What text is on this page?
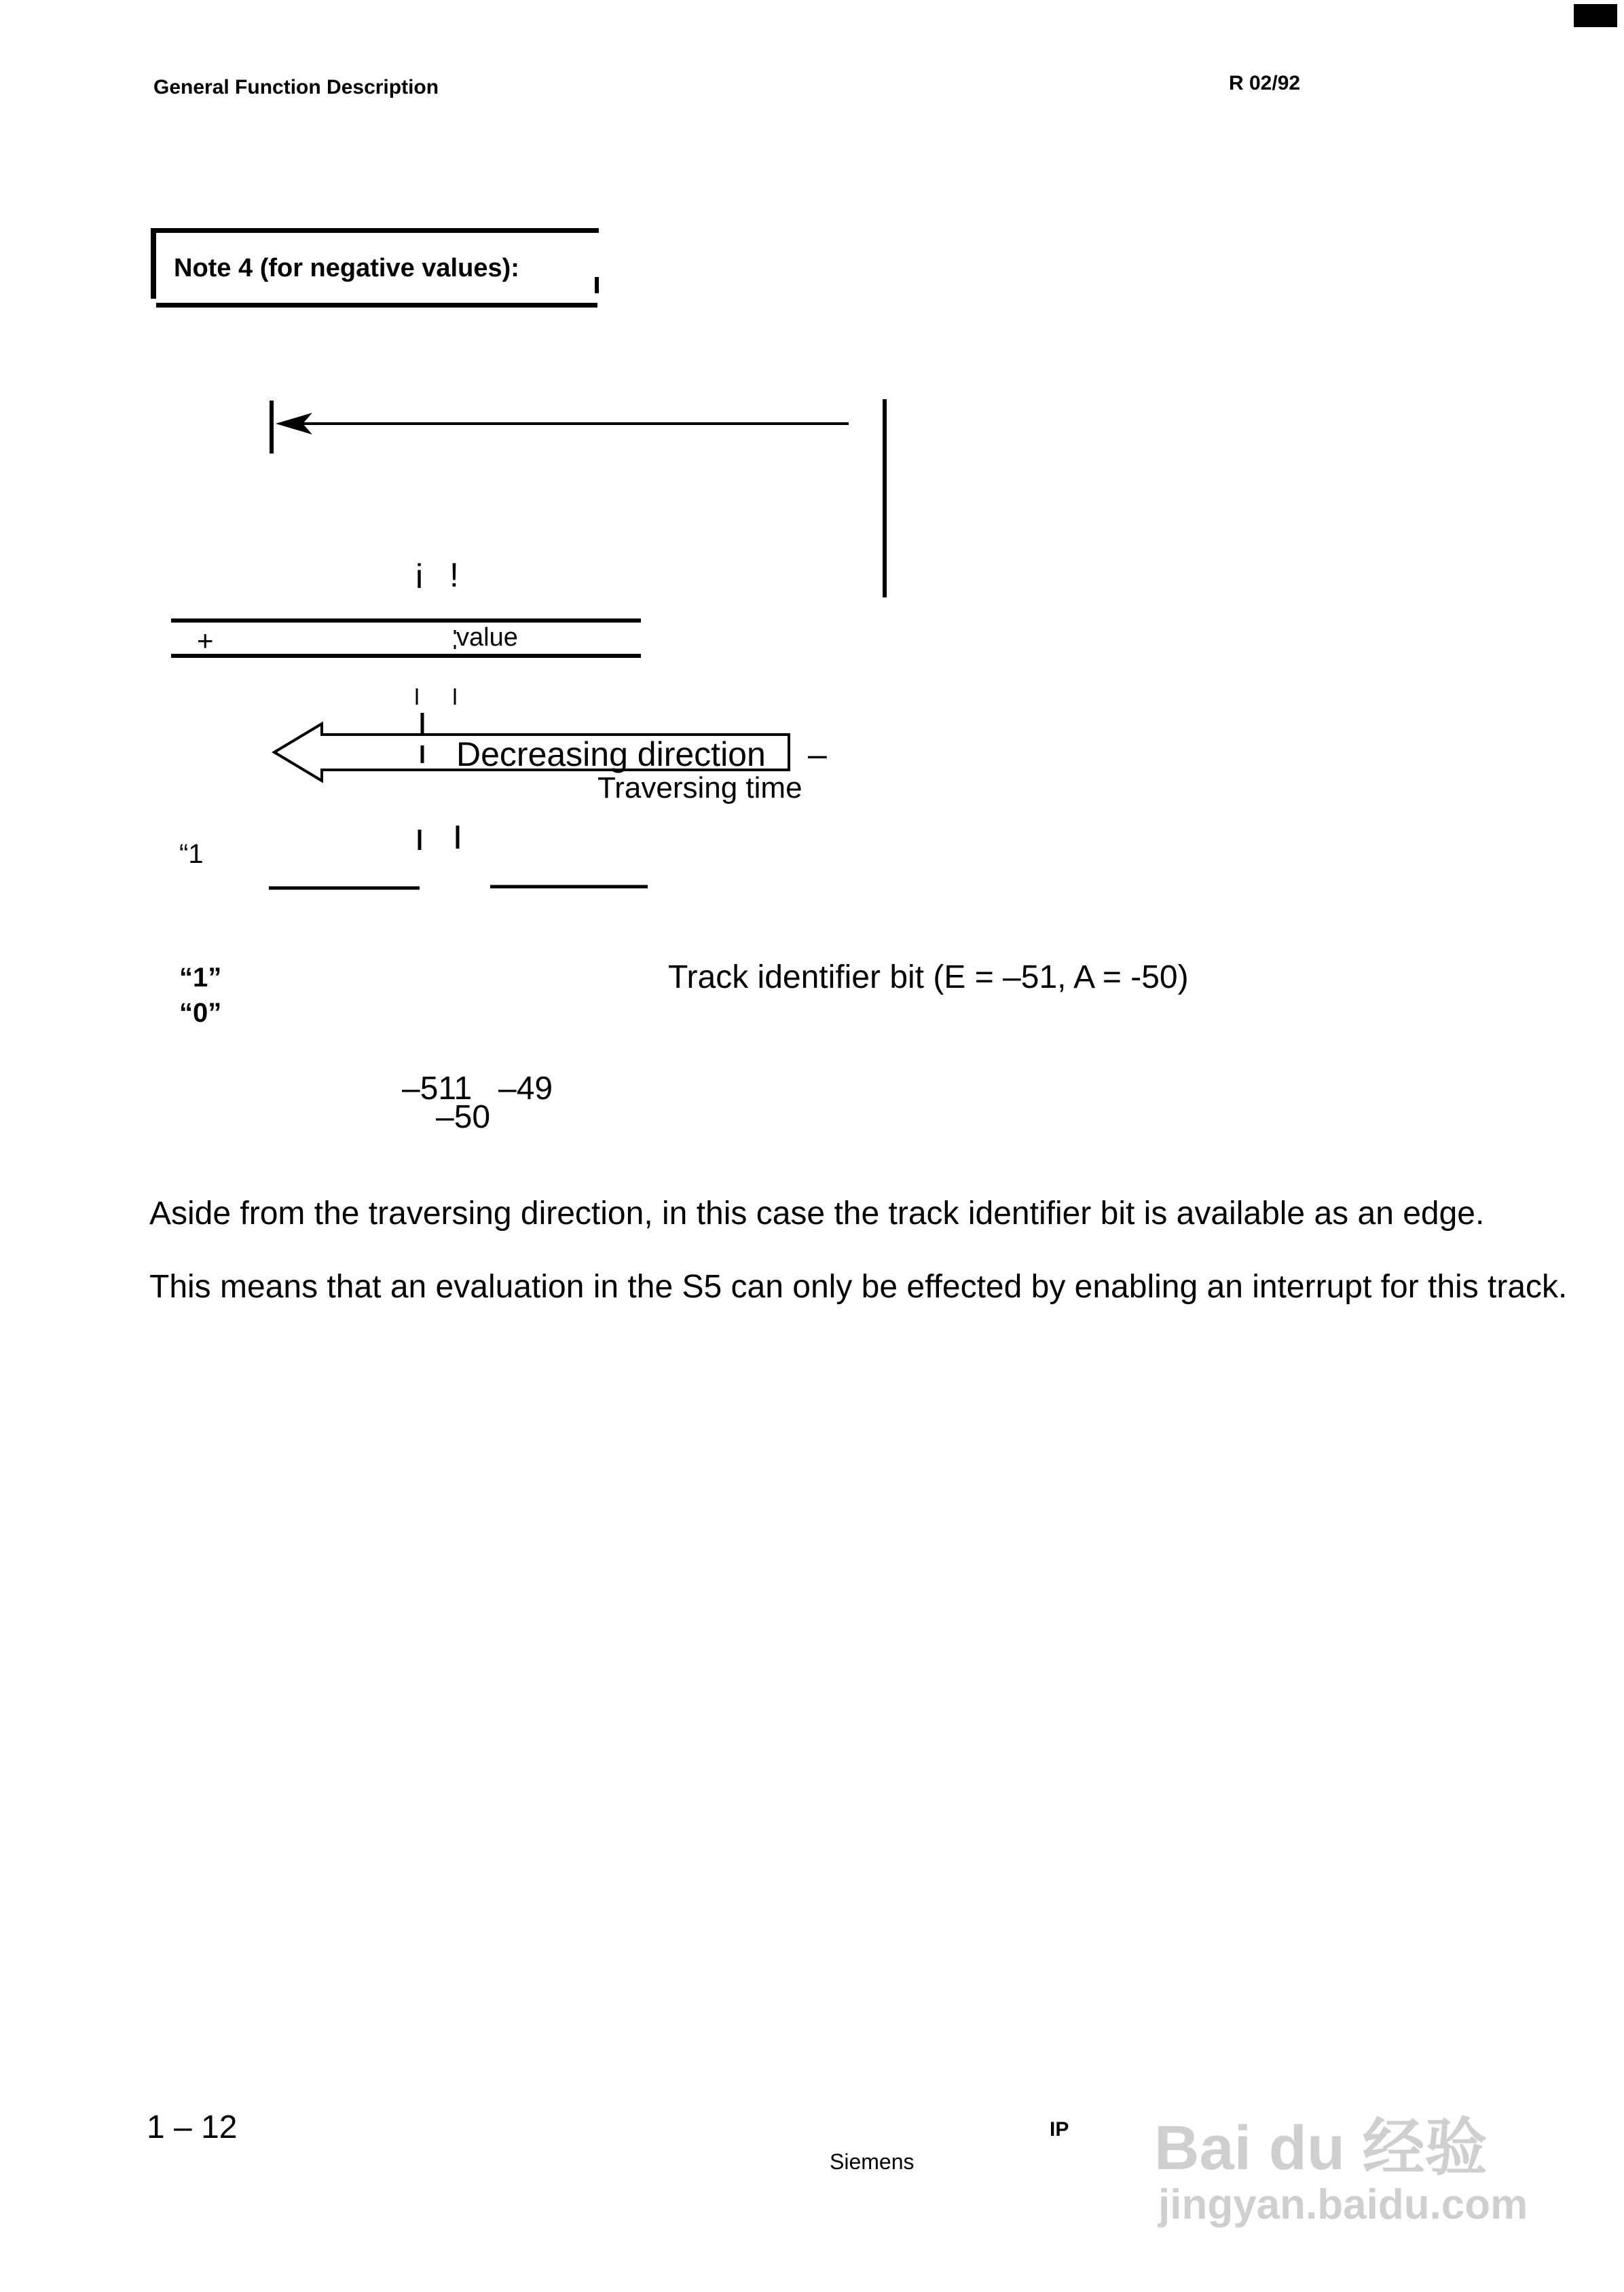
General Function Description	R 02/92
Note 4 (for negative values):
i !
+	value
Decreasing direction –
Traversing time
“1
“1”
“0”
Track identifier bit (E = –51, A = -50)
–511 –49
–50
Aside from the traversing direction, in this case the track identifier bit is available as an edge.
This means that an evaluation in the S5 can only be effected by enabling an interrupt for this track.
1 – 12	IP
Siemens	Bai du 经验
jingyan.baidu.com
